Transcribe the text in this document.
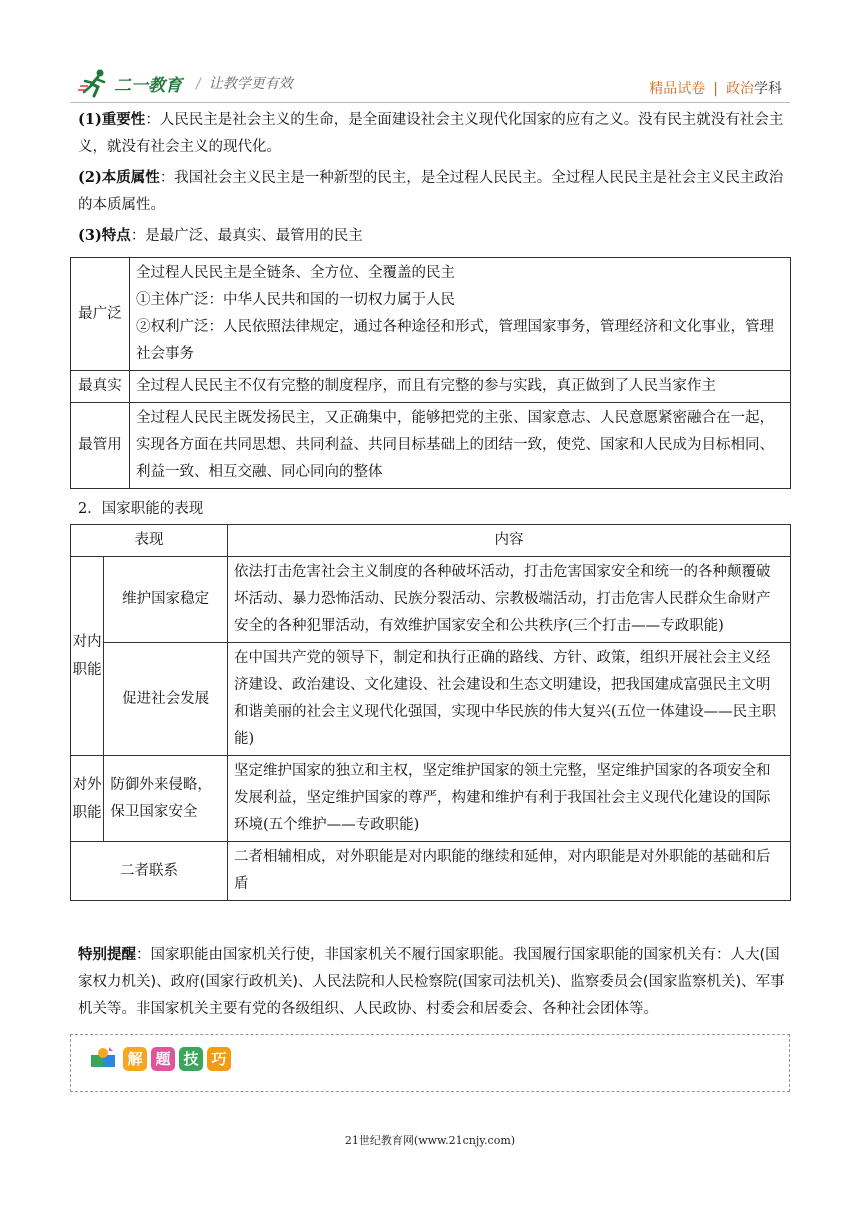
二一教育 / 让教学更有效	精品试卷 | 政治学科
(1)重要性：人民民主是社会主义的生命，是全面建设社会主义现代化国家的应有之义。没有民主就没有社会主义，就没有社会主义的现代化。
(2)本质属性：我国社会主义民主是一种新型的民主，是全过程人民民主。全过程人民民主是社会主义民主政治的本质属性。
(3)特点：是最广泛、最真实、最管用的民主
最广泛	全过程人民民主是全链条、全方位、全覆盖的民主
①主体广泛：中华人民共和国的一切权力属于人民
②权利广泛：人民依照法律规定，通过各种途径和形式，管理国家事务，管理经济和文化事业，管理社会事务

最真实	全过程人民民主不仅有完整的制度程序，而且有完整的参与实践，真正做到了人民当家作主

最管用	全过程人民民主既发扬民主，又正确集中，能够把党的主张、国家意志、人民意愿紧密融合在一起，实现各方面在共同思想、共同利益、共同目标基础上的团结一致，使党、国家和人民成为目标相同、利益一致、相互交融、同心同向的整体
2．国家职能的表现
表现		内容
对内职能	维护国家稳定	依法打击危害社会主义制度的各种破坏活动，打击危害国家安全和统一的各种颠覆破坏活动、暴力恐怖活动、民族分裂活动、宗教极端活动，打击危害人民群众生命财产安全的各种犯罪活动，有效维护国家安全和公共秩序(三个打击——专政职能)
	促进社会发展	在中国共产党的领导下，制定和执行正确的路线、方针、政策，组织开展社会主义经济建设、政治建设、文化建设、社会建设和生态文明建设，把我国建成富强民主文明和谐美丽的社会主义现代化强国，实现中华民族的伟大复兴(五位一体建设——民主职能)
对外职能	防御外来侵略，保卫国家安全	坚定维护国家的独立和主权，坚定维护国家的领土完整，坚定维护国家的各项安全和发展利益，坚定维护国家的尊严，构建和维护有利于我国社会主义现代化建设的国际环境(五个维护——专政职能)
二者联系		二者相辅相成，对外职能是对内职能的继续和延伸，对内职能是对外职能的基础和后盾
特别提醒：国家职能由国家机关行使，非国家机关不履行国家职能。我国履行国家职能的国家机关有：人大(国家权力机关)、政府(国家行政机关)、人民法院和人民检察院(国家司法机关)、监察委员会(国家监察机关)、军事机关等。非国家机关主要有党的各级组织、人民政协、村委会和居委会、各种社会团体等。
解 题 技 巧
21世纪教育网(www.21cnjy.com)
